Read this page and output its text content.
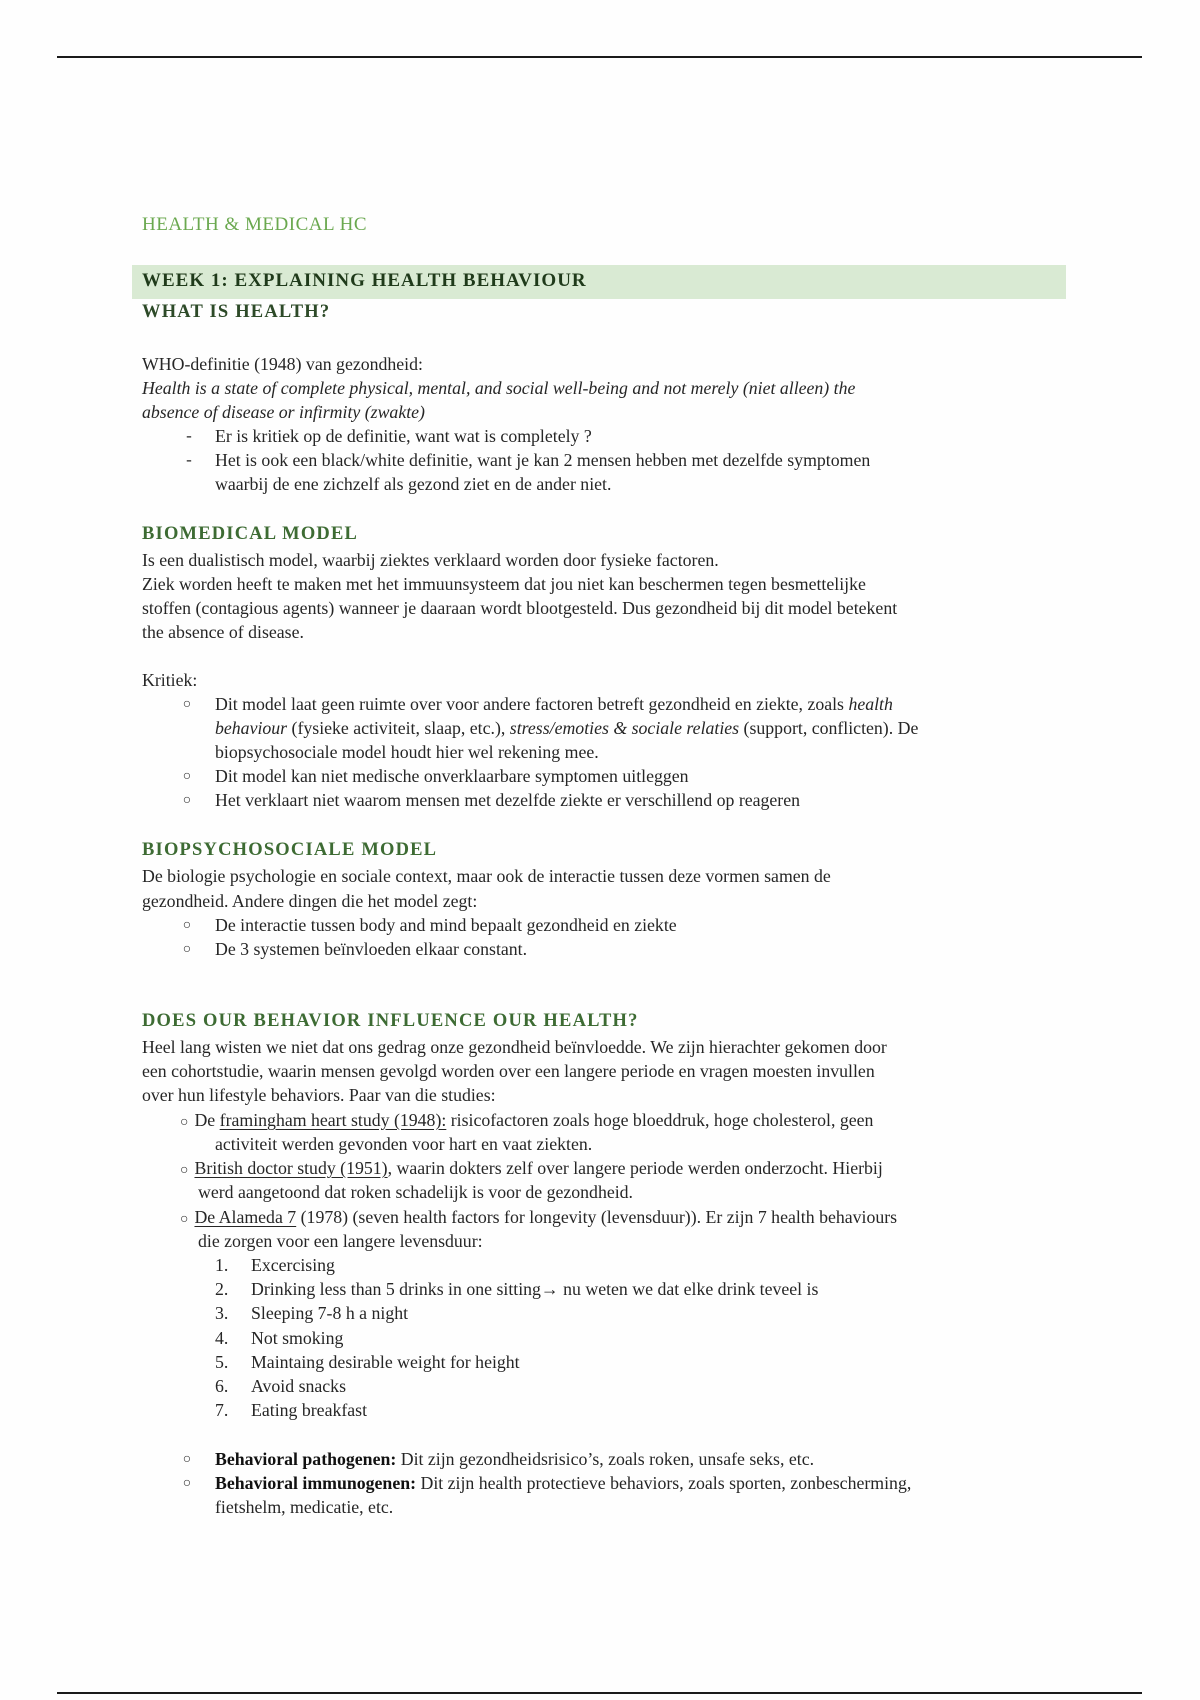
HEALTH & MEDICAL HC
WEEK 1: EXPLAINING HEALTH BEHAVIOUR
WHAT IS HEALTH?
WHO-definitie (1948) van gezondheid:
Health is a state of complete physical, mental, and social well-being and not merely (niet alleen) the
absence of disease or infirmity (zwakte)
-	Er is kritiek op de definitie, want wat is completely ?
-	Het is ook een black/white definitie, want je kan 2 mensen hebben met dezelfde symptomen
waarbij de ene zichzelf als gezond ziet en de ander niet.
BIOMEDICAL MODEL
Is een dualistisch model, waarbij ziektes verklaard worden door fysieke factoren.
Ziek worden heeft te maken met het immuunsysteem dat jou niet kan beschermen tegen besmettelijke
stoffen (contagious agents) wanneer je daaraan wordt blootgesteld. Dus gezondheid bij dit model betekent
the absence of disease.
Kritiek:
○	Dit model laat geen ruimte over voor andere factoren betreft gezondheid en ziekte, zoals health
behaviour (fysieke activiteit, slaap, etc.), stress/emoties & sociale relaties (support, conflicten). De
biopsychosociale model houdt hier wel rekening mee.
○	Dit model kan niet medische onverklaarbare symptomen uitleggen
○	Het verklaart niet waarom mensen met dezelfde ziekte er verschillend op reageren
BIOPSYCHOSOCIALE MODEL
De biologie psychologie en sociale context, maar ook de interactie tussen deze vormen samen de
gezondheid. Andere dingen die het model zegt:
○	De interactie tussen body and mind bepaalt gezondheid en ziekte
○	De 3 systemen beïnvloeden elkaar constant.
DOES OUR BEHAVIOR INFLUENCE OUR HEALTH?
Heel lang wisten we niet dat ons gedrag onze gezondheid beïnvloedde. We zijn hierachter gekomen door
een cohortstudie, waarin mensen gevolgd worden over een langere periode en vragen moesten invullen
over hun lifestyle behaviors. Paar van die studies:
○ De framingham heart study (1948): risicofactoren zoals hoge bloeddruk, hoge cholesterol, geen
activiteit werden gevonden voor hart en vaat ziekten.
○ British doctor study (1951), waarin dokters zelf over langere periode werden onderzocht. Hierbij
werd aangetoond dat roken schadelijk is voor de gezondheid.
○ De Alameda 7 (1978) (seven health factors for longevity (levensduur)). Er zijn 7 health behaviours
die zorgen voor een langere levensduur:
1. Excercising
2. Drinking less than 5 drinks in one sitting→ nu weten we dat elke drink teveel is
3. Sleeping 7-8 h a night
4. Not smoking
5. Maintaing desirable weight for height
6. Avoid snacks
7. Eating breakfast
○	Behavioral pathogenen: Dit zijn gezondheidsrisico’s, zoals roken, unsafe seks, etc.
○	Behavioral immunogenen: Dit zijn health protectieve behaviors, zoals sporten, zonbescherming,
fietshelm, medicatie, etc.
